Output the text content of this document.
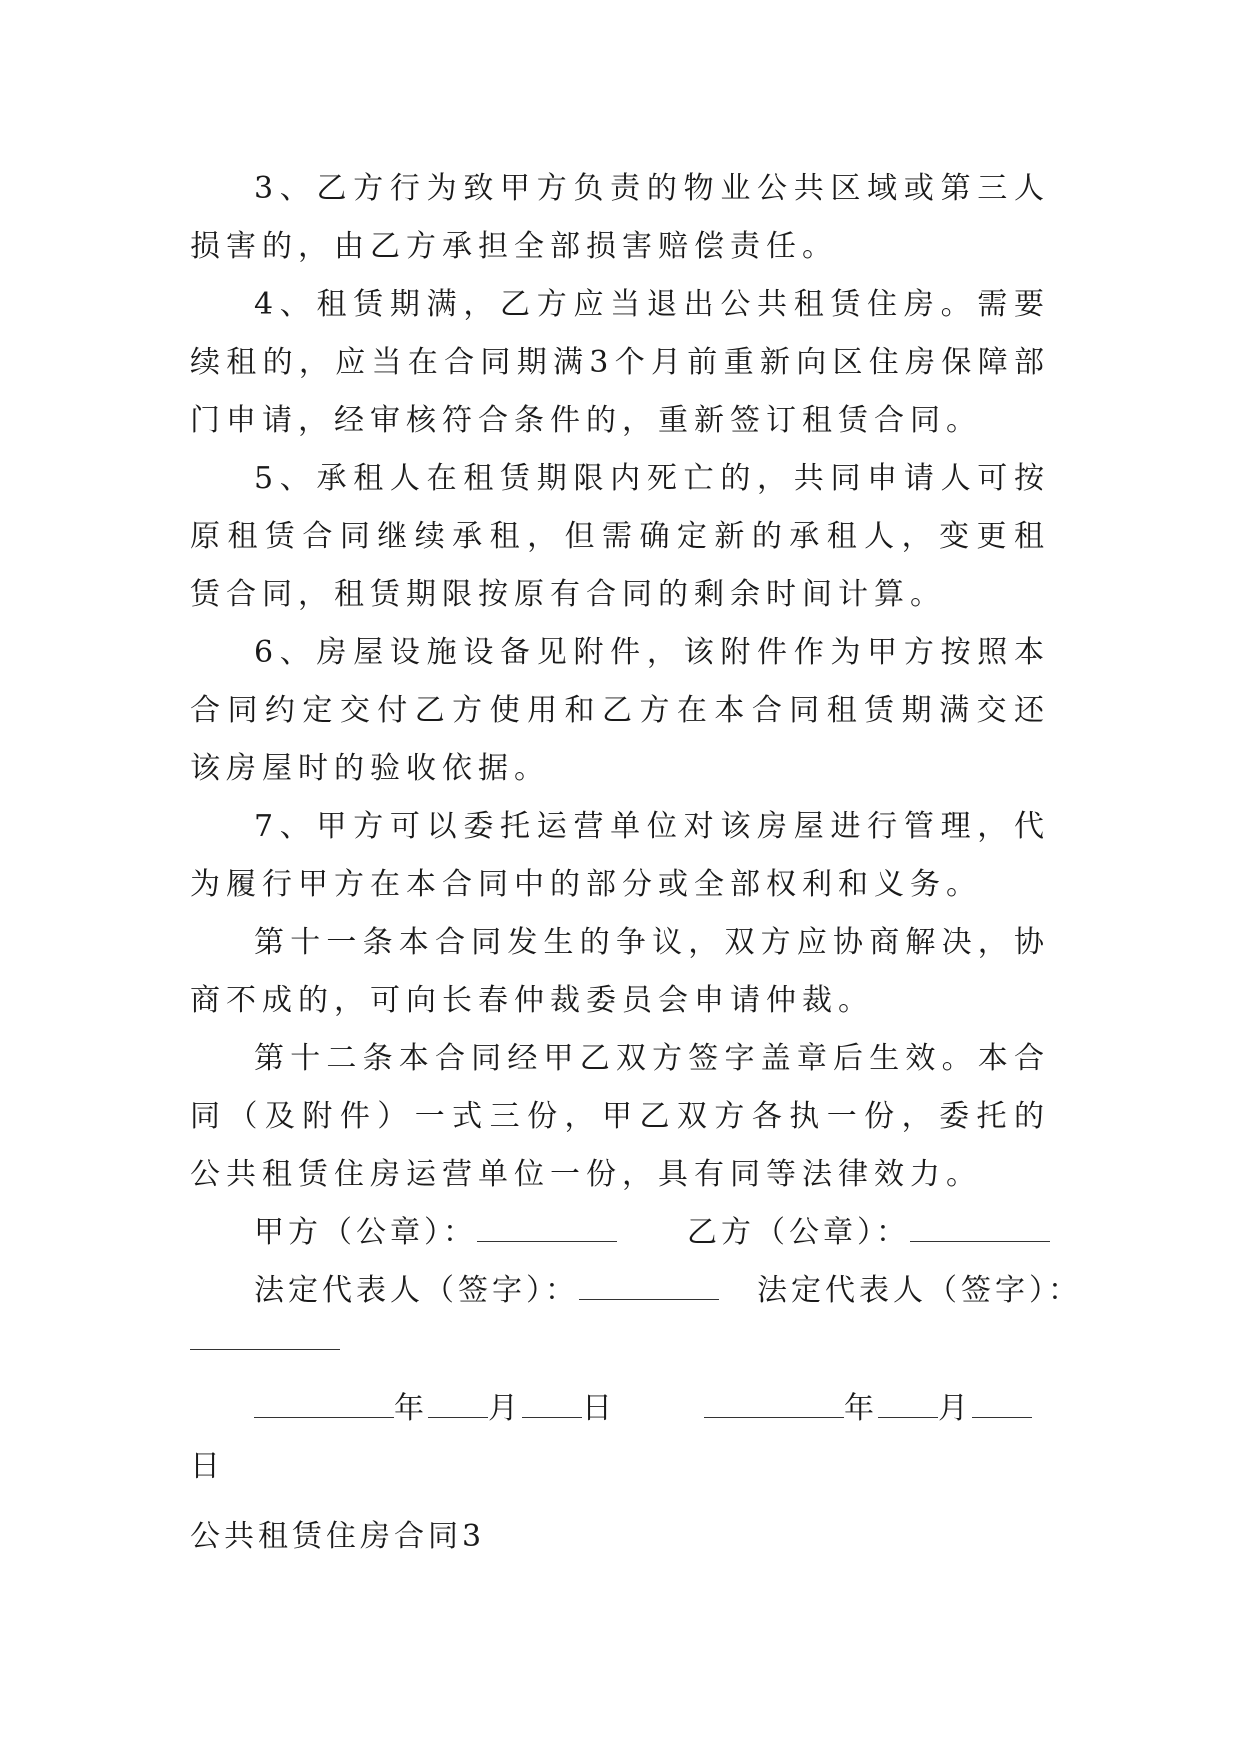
3、乙方行为致甲方负责的物业公共区域或第三人损害的，由乙方承担全部损害赔偿责任。

4、租赁期满，乙方应当退出公共租赁住房。需要续租的，应当在合同期满3个月前重新向区住房保障部门申请，经审核符合条件的，重新签订租赁合同。

5、承租人在租赁期限内死亡的，共同申请人可按原租赁合同继续承租，但需确定新的承租人，变更租赁合同，租赁期限按原有合同的剩余时间计算。

6、房屋设施设备见附件，该附件作为甲方按照本合同约定交付乙方使用和乙方在本合同租赁期满交还该房屋时的验收依据。

7、甲方可以委托运营单位对该房屋进行管理，代为履行甲方在本合同中的部分或全部权利和义务。

第十一条本合同发生的争议，双方应协商解决，协商不成的，可向长春仲裁委员会申请仲裁。

第十二条本合同经甲乙双方签字盖章后生效。本合同（及附件）一式三份，甲乙双方各执一份，委托的公共租赁住房运营单位一份，具有同等法律效力。

甲方（公章）：	乙方（公章）：

法定代表人（签字）：	法定代表人（签字）：

年 月 日	年 月

日

公共租赁住房合同3
